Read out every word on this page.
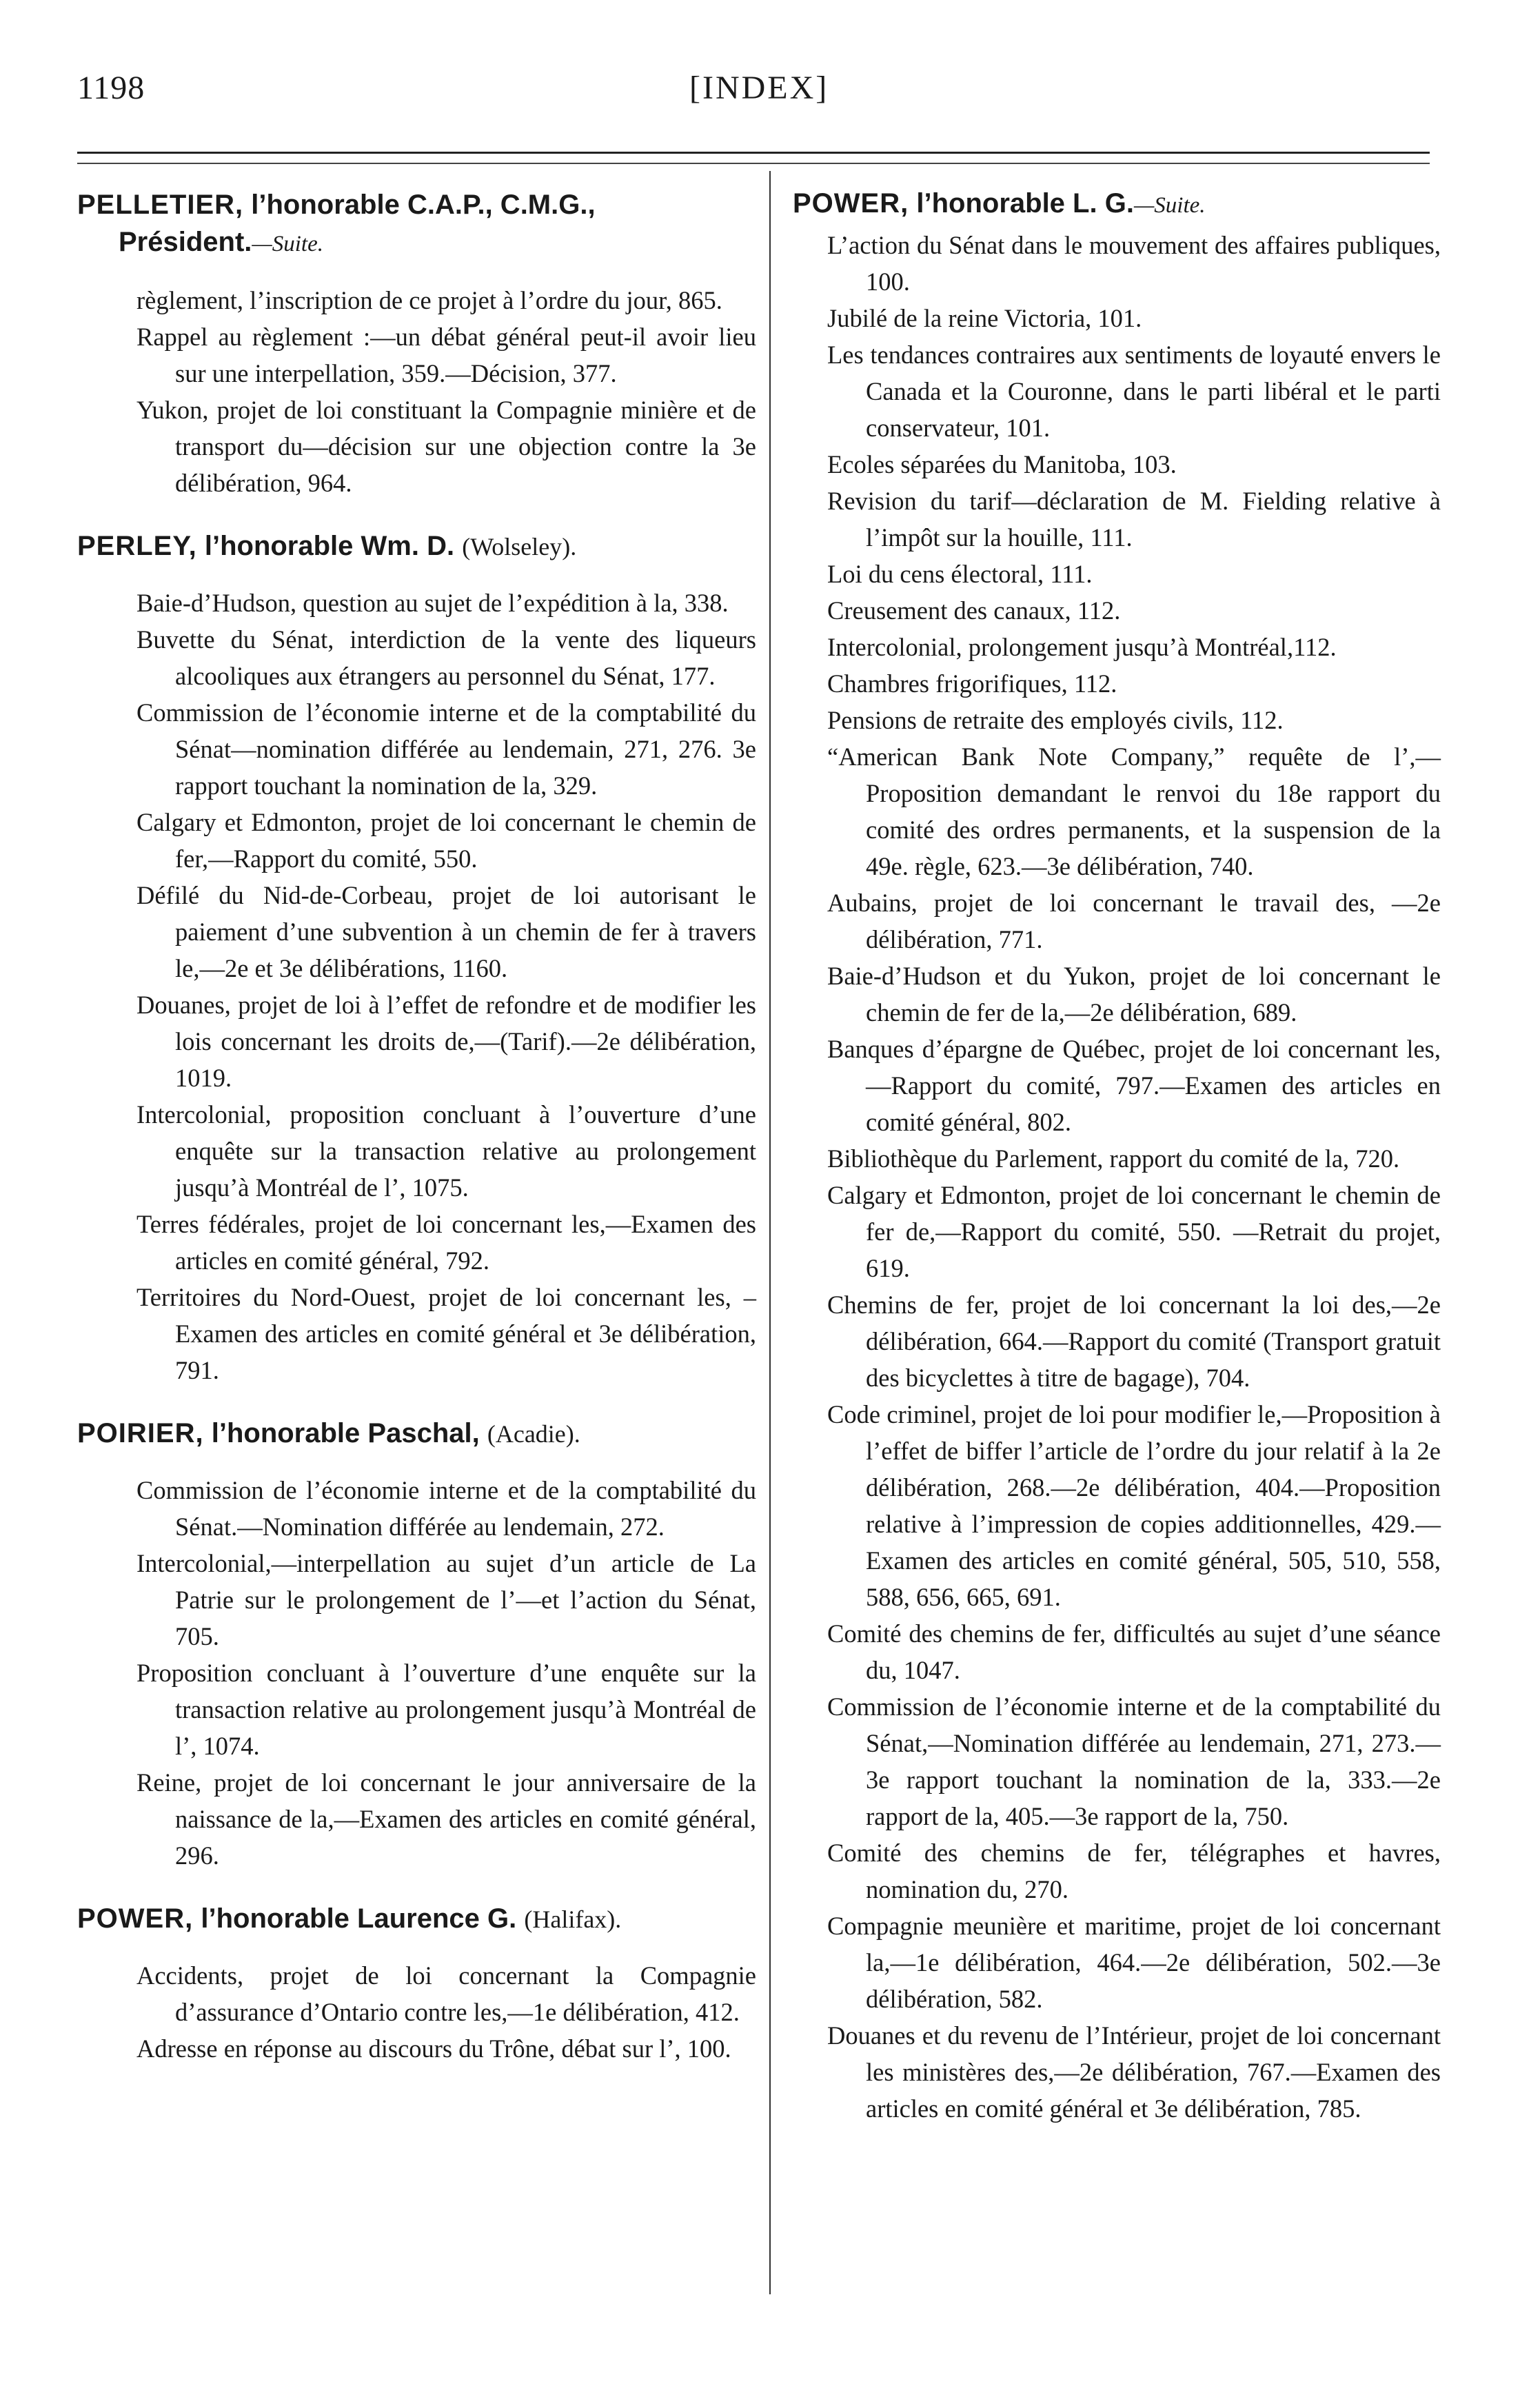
1198	[INDEX]
PELLETIER, l’honorable C.A.P., C.M.G.,
Président.—Suite.
règlement, l’inscription de ce projet à l’ordre du jour, 865.
Rappel au règlement :—un débat général peut-il avoir lieu sur une interpellation, 359.—Décision, 377.
Yukon, projet de loi constituant la Compagnie minière et de transport du—décision sur une objection contre la 3e délibération, 964.
PERLEY, l’honorable Wm. D. (Wolseley).
Baie-d’Hudson, question au sujet de l’expédition à la, 338.
Buvette du Sénat, interdiction de la vente des liqueurs alcooliques aux étrangers au personnel du Sénat, 177.
Commission de l’économie interne et de la comptabilité du Sénat—nomination différée au lendemain, 271, 276. 3e rapport touchant la nomination de la, 329.
Calgary et Edmonton, projet de loi concernant le chemin de fer,—Rapport du comité, 550.
Défilé du Nid-de-Corbeau, projet de loi autorisant le paiement d’une subvention à un chemin de fer à travers le,—2e et 3e délibérations, 1160.
Douanes, projet de loi à l’effet de refondre et de modifier les lois concernant les droits de,—(Tarif).—2e délibération, 1019.
Intercolonial, proposition concluant à l’ouverture d’une enquête sur la transaction relative au prolongement jusqu’à Montréal de l’, 1075.
Terres fédérales, projet de loi concernant les,—Examen des articles en comité général, 792.
Territoires du Nord-Ouest, projet de loi concernant les, –Examen des articles en comité général et 3e délibération, 791.
POIRIER, l’honorable Paschal, (Acadie).
Commission de l’économie interne et de la comptabilité du Sénat.—Nomination différée au lendemain, 272.
Intercolonial,—interpellation au sujet d’un article de La Patrie sur le prolongement de l’—et l’action du Sénat, 705.
Proposition concluant à l’ouverture d’une enquête sur la transaction relative au prolongement jusqu’à Montréal de l’, 1074.
Reine, projet de loi concernant le jour anniversaire de la naissance de la,—Examen des articles en comité général, 296.
POWER, l’honorable Laurence G. (Halifax).
Accidents, projet de loi concernant la Compagnie d’assurance d’Ontario contre les,—1e délibération, 412.
Adresse en réponse au discours du Trône, débat sur l’, 100.
POWER, l’honorable L. G.—Suite.
L’action du Sénat dans le mouvement des affaires publiques, 100.
Jubilé de la reine Victoria, 101.
Les tendances contraires aux sentiments de loyauté envers le Canada et la Couronne, dans le parti libéral et le parti conservateur, 101.
Ecoles séparées du Manitoba, 103.
Revision du tarif—déclaration de M. Fielding relative à l’impôt sur la houille, 111.
Loi du cens électoral, 111.
Creusement des canaux, 112.
Intercolonial, prolongement jusqu’à Montréal,112.
Chambres frigorifiques, 112.
Pensions de retraite des employés civils, 112.
“American Bank Note Company,” requête de l’,—Proposition demandant le renvoi du 18e rapport du comité des ordres permanents, et la suspension de la 49e. règle, 623.—3e délibération, 740.
Aubains, projet de loi concernant le travail des, —2e délibération, 771.
Baie-d’Hudson et du Yukon, projet de loi concernant le chemin de fer de la,—2e délibération, 689.
Banques d’épargne de Québec, projet de loi concernant les,—Rapport du comité, 797.—Examen des articles en comité général, 802.
Bibliothèque du Parlement, rapport du comité de la, 720.
Calgary et Edmonton, projet de loi concernant le chemin de fer de,—Rapport du comité, 550. —Retrait du projet, 619.
Chemins de fer, projet de loi concernant la loi des,—2e délibération, 664.—Rapport du comité (Transport gratuit des bicyclettes à titre de bagage), 704.
Code criminel, projet de loi pour modifier le,—Proposition à l’effet de biffer l’article de l’ordre du jour relatif à la 2e délibération, 268.—2e délibération, 404.—Proposition relative à l’impression de copies additionnelles, 429.—Examen des articles en comité général, 505, 510, 558, 588, 656, 665, 691.
Comité des chemins de fer, difficultés au sujet d’une séance du, 1047.
Commission de l’économie interne et de la comptabilité du Sénat,—Nomination différée au lendemain, 271, 273.—3e rapport touchant la nomination de la, 333.—2e rapport de la, 405.—3e rapport de la, 750.
Comité des chemins de fer, télégraphes et havres, nomination du, 270.
Compagnie meunière et maritime, projet de loi concernant la,—1e délibération, 464.—2e délibération, 502.—3e délibération, 582.
Douanes et du revenu de l’Intérieur, projet de loi concernant les ministères des,—2e délibération, 767.—Examen des articles en comité général et 3e délibération, 785.
